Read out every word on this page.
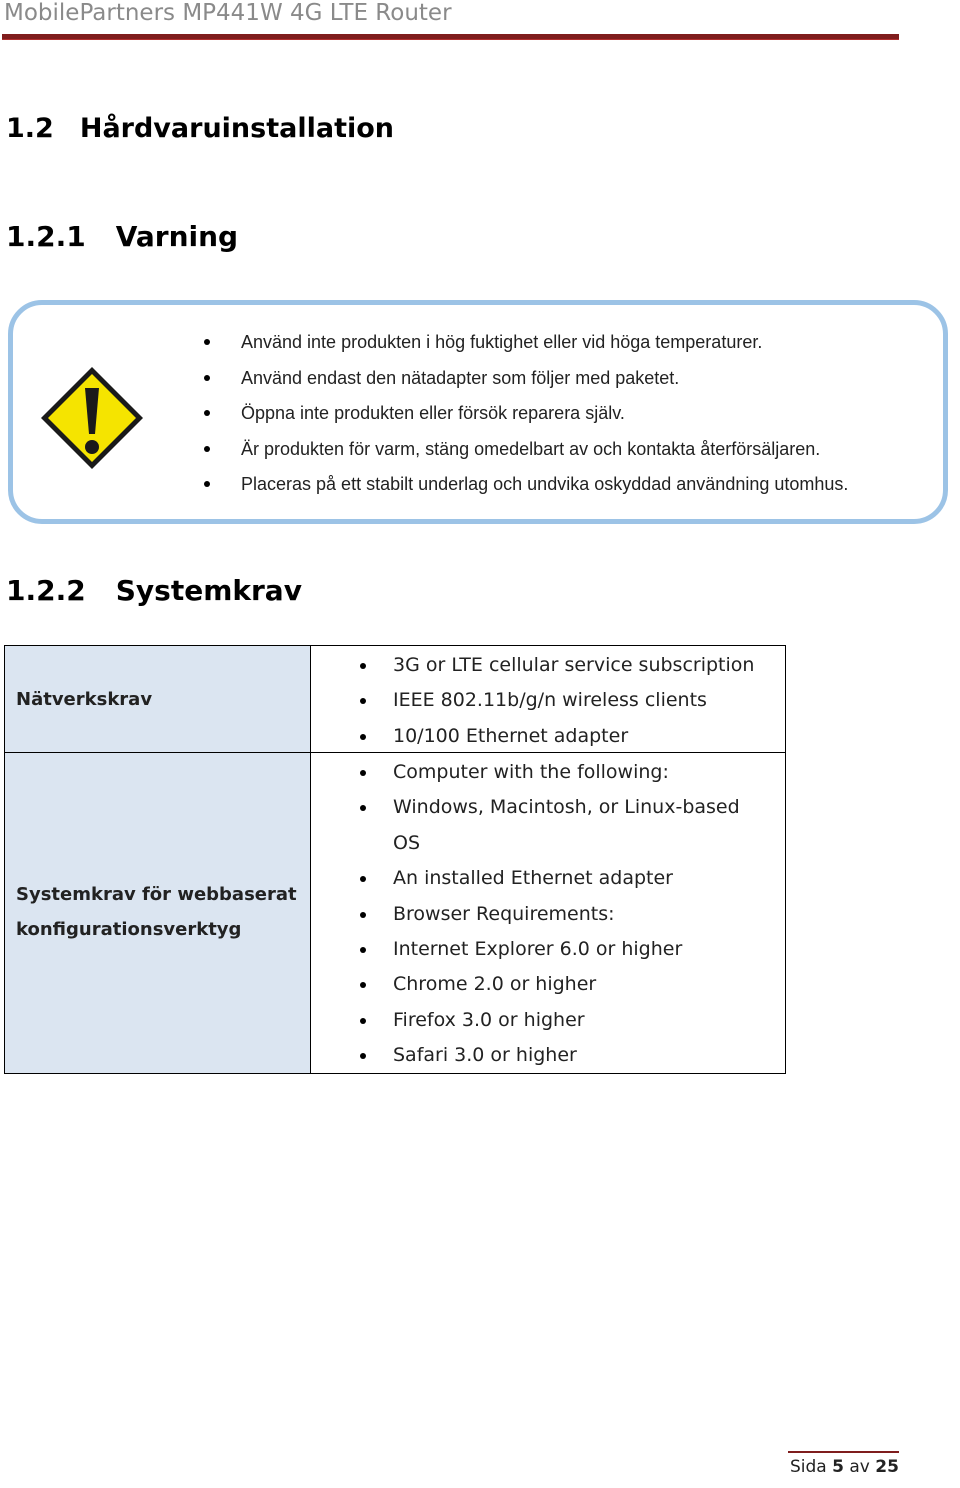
MobilePartners MP441W 4G LTE Router
1.2 Hårdvaruinstallation
1.2.1 Varning
Använd inte produkten i hög fuktighet eller vid höga temperaturer.
Använd endast den nätadapter som följer med paketet.
Öppna inte produkten eller försök reparera själv.
Är produkten för varm, stäng omedelbart av och kontakta återförsäljaren.
Placeras på ett stabilt underlag och undvika oskyddad användning utomhus.
1.2.2 Systemkrav
Nätverkskrav
3G or LTE cellular service subscription
IEEE 802.11b/g/n wireless clients
10/100 Ethernet adapter
Systemkrav för webbaserat
konfigurationsverktyg
Computer with the following:
Windows, Macintosh, or Linux-based
OS
An installed Ethernet adapter
Browser Requirements:
Internet Explorer 6.0 or higher
Chrome 2.0 or higher
Firefox 3.0 or higher
Safari 3.0 or higher
Sida 5 av 25
